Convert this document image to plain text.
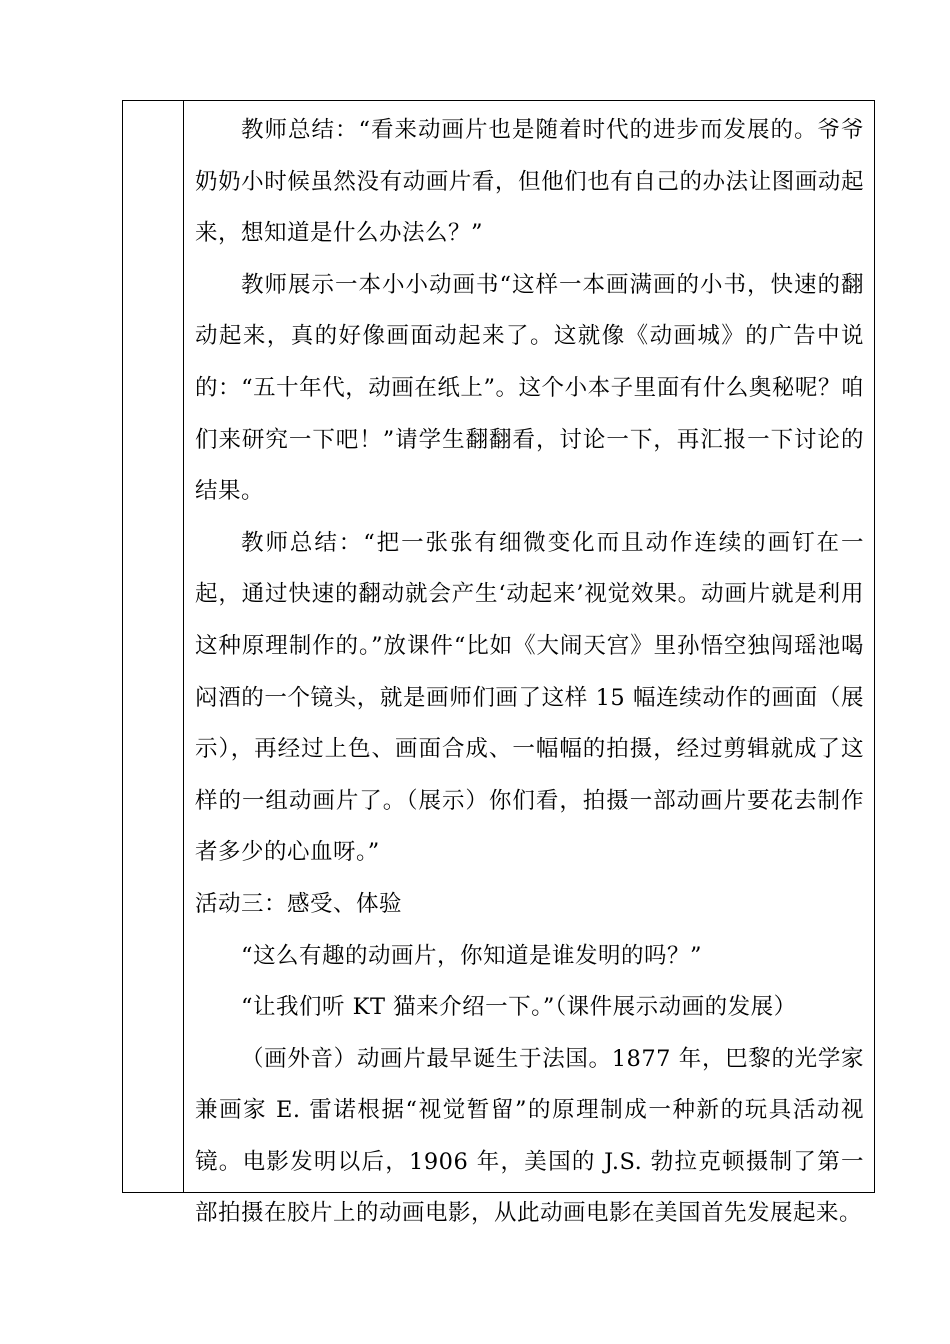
教师总结：“看来动画片也是随着时代的进步而发展的。爷爷奶奶小时候虽然没有动画片看，但他们也有自己的办法让图画动起来，想知道是什么办法么？”

教师展示一本小小动画书“这样一本画满画的小书，快速的翻动起来，真的好像画面动起来了。这就像《动画城》的广告中说的：“五十年代，动画在纸上”。这个小本子里面有什么奥秘呢？咱们来研究一下吧！”请学生翻翻看，讨论一下，再汇报一下讨论的结果。

教师总结：“把一张张有细微变化而且动作连续的画钉在一起，通过快速的翻动就会产生‘动起来’视觉效果。动画片就是利用这种原理制作的。”放课件“比如《大闹天宫》里孙悟空独闯瑶池喝闷酒的一个镜头，就是画师们画了这样 15 幅连续动作的画面（展示），再经过上色、画面合成、一幅幅的拍摄，经过剪辑就成了这样的一组动画片了。（展示）你们看，拍摄一部动画片要花去制作者多少的心血呀。”

活动三：感受、体验

“这么有趣的动画片，你知道是谁发明的吗？”

“让我们听 KT 猫来介绍一下。”（课件展示动画的发展）

（画外音）动画片最早诞生于法国。1877 年，巴黎的光学家兼画家 E. 雷诺根据“视觉暂留”的原理制成一种新的玩具活动视镜。电影发明以后，1906 年，美国的 J.S. 勃拉克顿摄制了第一部拍摄在胶片上的动画电影，从此动画电影在美国首先发展起来。
